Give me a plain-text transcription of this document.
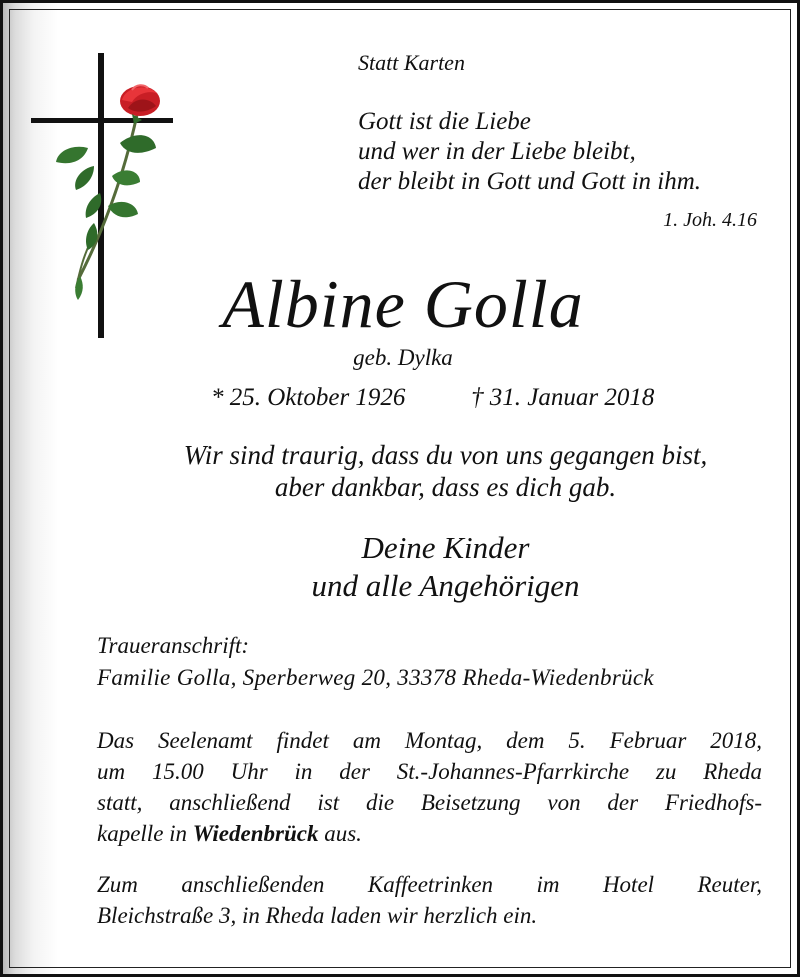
Statt Karten
Gott ist die Liebe
und wer in der Liebe bleibt,
der bleibt in Gott und Gott in ihm.
1. Joh. 4.16
Albine Golla
geb. Dylka
* 25. Oktober 1926	† 31. Januar 2018
Wir sind traurig, dass du von uns gegangen bist,
aber dankbar, dass es dich gab.
Deine Kinder
und alle Angehörigen
Traueranschrift:
Familie Golla, Sperberweg 20, 33378 Rheda-Wiedenbrück
Das Seelenamt findet am Montag, dem 5. Februar 2018,
um 15.00 Uhr in der St.-Johannes-Pfarrkirche zu Rheda
statt, anschließend ist die Beisetzung von der Friedhofs-
kapelle in Wiedenbrück aus.
Zum anschließenden Kaffeetrinken im Hotel Reuter,
Bleichstraße 3, in Rheda laden wir herzlich ein.
